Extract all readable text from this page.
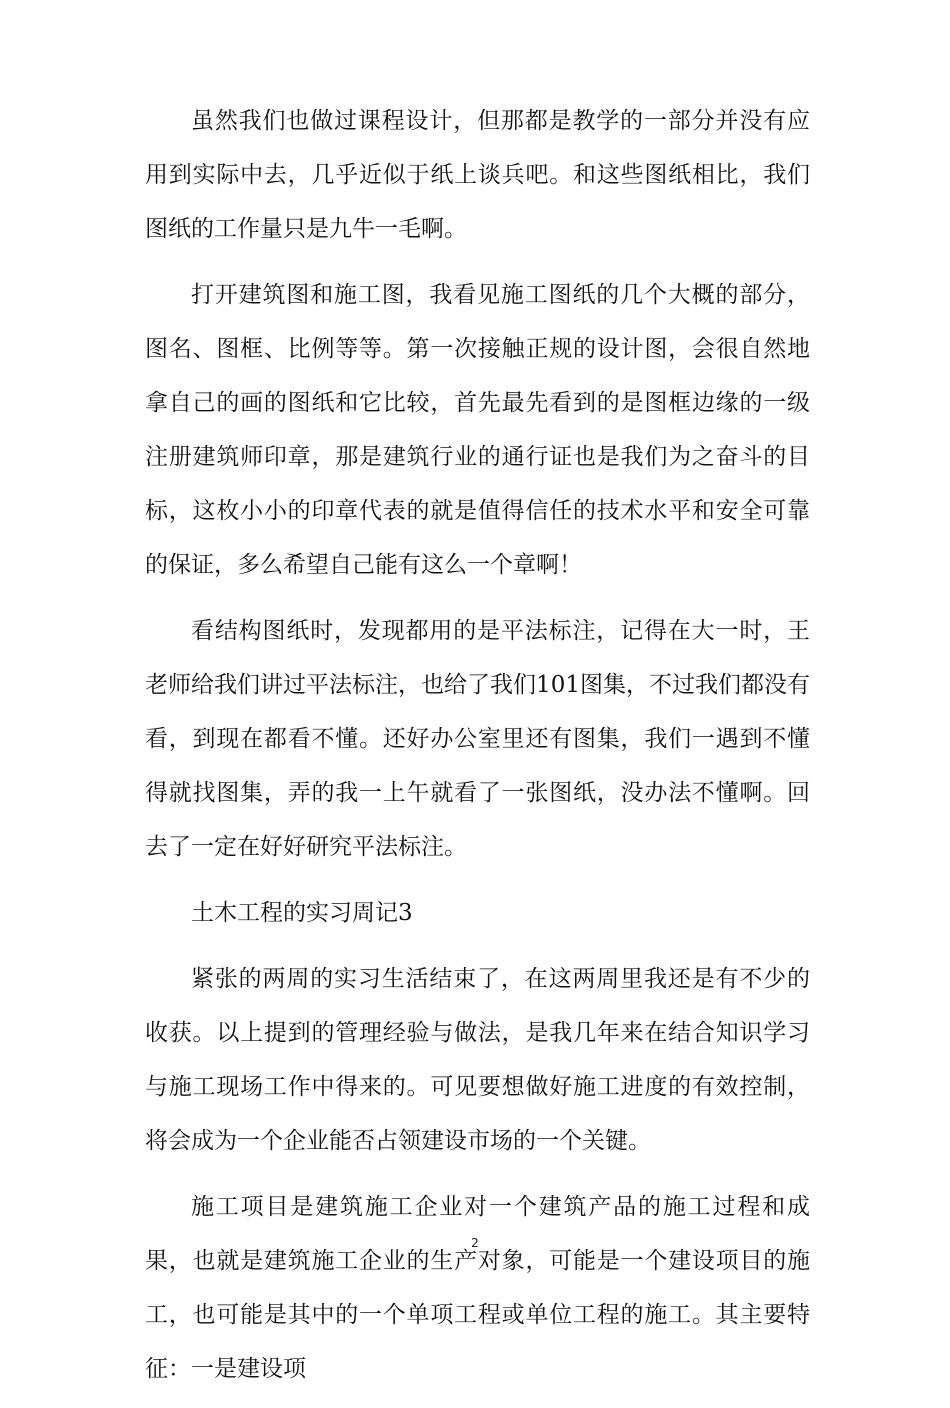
虽然我们也做过课程设计，但那都是教学的一部分并没有应用到实际中去，几乎近似于纸上谈兵吧。和这些图纸相比，我们图纸的工作量只是九牛一毛啊。

打开建筑图和施工图，我看见施工图纸的几个大概的部分，图名、图框、比例等等。第一次接触正规的设计图，会很自然地拿自己的画的图纸和它比较，首先最先看到的是图框边缘的一级注册建筑师印章，那是建筑行业的通行证也是我们为之奋斗的目标，这枚小小的印章代表的就是值得信任的技术水平和安全可靠的保证，多么希望自己能有这么一个章啊！

看结构图纸时，发现都用的是平法标注，记得在大一时，王老师给我们讲过平法标注，也给了我们101图集，不过我们都没有看，到现在都看不懂。还好办公室里还有图集，我们一遇到不懂得就找图集，弄的我一上午就看了一张图纸，没办法不懂啊。回去了一定在好好研究平法标注。

土木工程的实习周记3

紧张的两周的实习生活结束了，在这两周里我还是有不少的收获。以上提到的管理经验与做法，是我几年来在结合知识学习与施工现场工作中得来的。可见要想做好施工进度的有效控制，将会成为一个企业能否占领建设市场的一个关键。

施工项目是建筑施工企业对一个建筑产品的施工过程和成果，也就是建筑施工企业的生产对象，可能是一个建设项目的施工，也可能是其中的一个单项工程或单位工程的施工。其主要特征：一是建设项

2
